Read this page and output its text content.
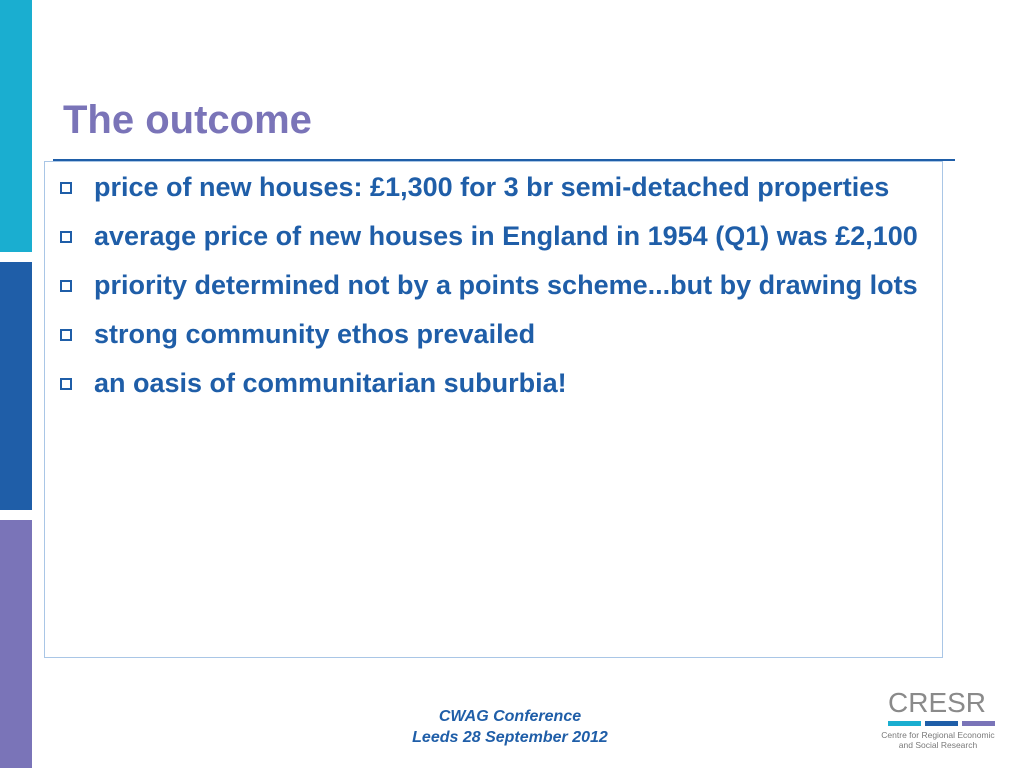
The outcome
price of new houses: £1,300 for 3 br semi-detached properties
average price of new houses in England in 1954 (Q1) was £2,100
priority determined not by a points scheme...but by drawing lots
strong community ethos prevailed
an oasis of communitarian suburbia!
CWAG Conference
Leeds 28 September 2012
CRESR
Centre for Regional Economic
and Social Research
